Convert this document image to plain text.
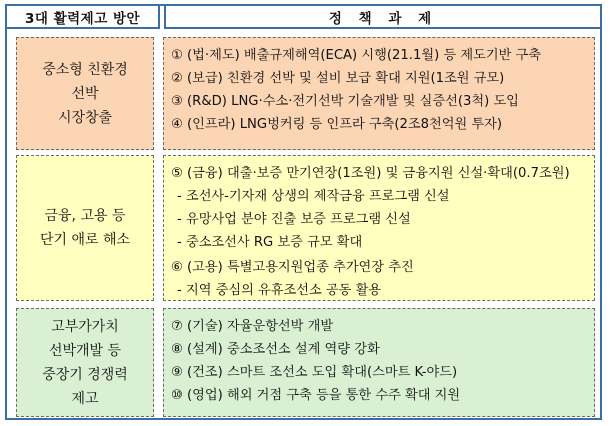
3대 활력제고 방안	정 책 과 제
중소형 친환경
선박
시장창출
① (법·제도) 배출규제해역(ECA) 시행(21.1월) 등 제도기반 구축
② (보급) 친환경 선박 및 설비 보급 확대 지원(1조원 규모)
③ (R&D) LNG·수소·전기선박 기술개발 및 실증선(3척) 도입
④ (인프라) LNG벙커링 등 인프라 구축(2조8천억원 투자)
금융, 고용 등
단기 애로 해소
⑤ (금융) 대출·보증 만기연장(1조원) 및 금융지원 신설·확대(0.7조원)
- 조선사-기자재 상생의 제작금융 프로그램 신설
- 유망사업 분야 진출 보증 프로그램 신설
- 중소조선사 RG 보증 규모 확대
⑥ (고용) 특별고용지원업종 추가연장 추진
- 지역 중심의 유휴조선소 공동 활용
고부가가치
선박개발 등
중장기 경쟁력
제고
⑦ (기술) 자율운항선박 개발
⑧ (설계) 중소조선소 설계 역량 강화
⑨ (건조) 스마트 조선소 도입 확대(스마트 K-야드)
⑩ (영업) 해외 거점 구축 등을 통한 수주 확대 지원
